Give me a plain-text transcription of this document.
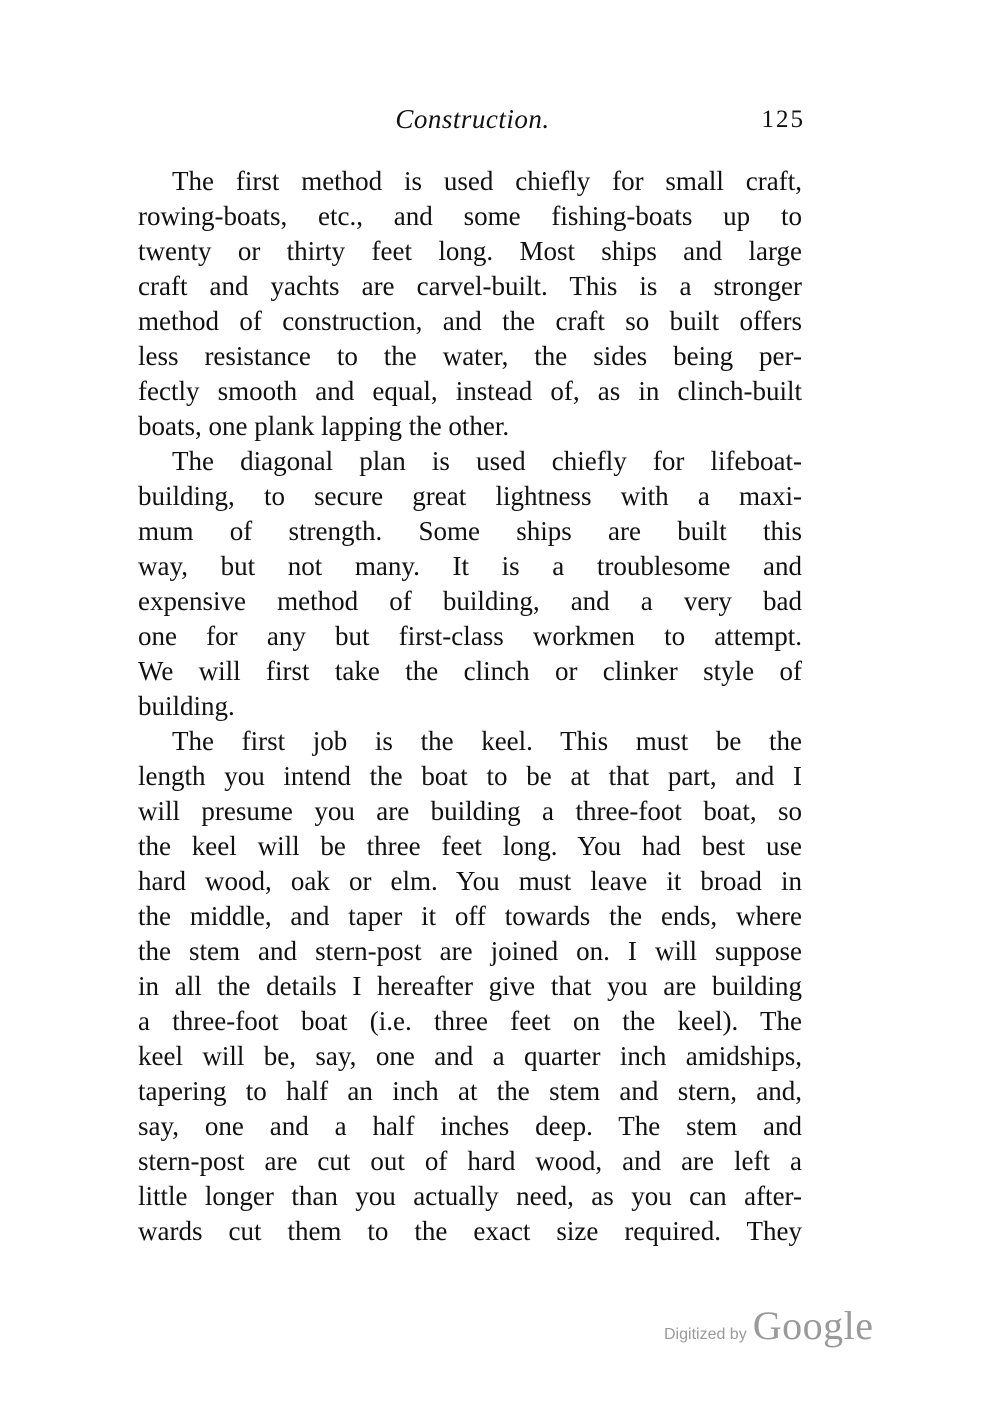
Construction.	125
The first method is used chiefly for small craft,
rowing-boats, etc., and some fishing-boats up to
twenty or thirty feet long. Most ships and large
craft and yachts are carvel-built. This is a stronger
method of construction, and the craft so built offers
less resistance to the water, the sides being per-
fectly smooth and equal, instead of, as in clinch-built
boats, one plank lapping the other.
The diagonal plan is used chiefly for lifeboat-
building, to secure great lightness with a maxi-
mum of strength. Some ships are built this
way, but not many. It is a troublesome and
expensive method of building, and a very bad
one for any but first-class workmen to attempt.
We will first take the clinch or clinker style of
building.
The first job is the keel. This must be the
length you intend the boat to be at that part, and I
will presume you are building a three-foot boat, so
the keel will be three feet long. You had best use
hard wood, oak or elm. You must leave it broad in
the middle, and taper it off towards the ends, where
the stem and stern-post are joined on. I will suppose
in all the details I hereafter give that you are building
a three-foot boat (i.e. three feet on the keel). The
keel will be, say, one and a quarter inch amidships,
tapering to half an inch at the stem and stern, and,
say, one and a half inches deep. The stem and
stern-post are cut out of hard wood, and are left a
little longer than you actually need, as you can after-
wards cut them to the exact size required. They
Digitized by Google
